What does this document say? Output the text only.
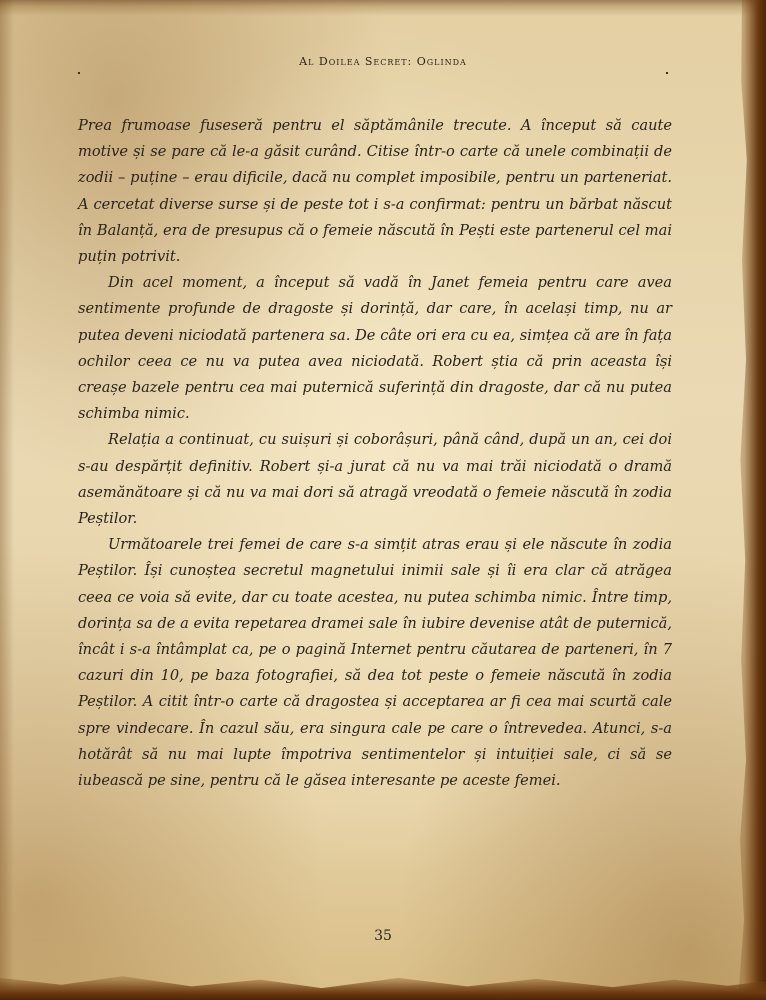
Al Doilea Secret: Oglinda

Prea frumoase fuseseră pentru el săptămânile trecute. A început să caute motive și se pare că le-a găsit curând. Citise într-o carte că unele combinații de zodii – puține – erau dificile, dacă nu complet imposibile, pentru un parteneriat. A cercetat diverse surse și de peste tot i s-a confirmat: pentru un bărbat născut în Balanță, era de presupus că o femeie născută în Pești este partenerul cel mai puțin potrivit.

Din acel moment, a început să vadă în Janet femeia pentru care avea sentimente profunde de dragoste și dorință, dar care, în același timp, nu ar putea deveni niciodată partenera sa. De câte ori era cu ea, simțea că are în fața ochilor ceea ce nu va putea avea niciodată. Robert știa că prin aceasta își creașe bazele pentru cea mai puternică suferință din dragoste, dar că nu putea schimba nimic.

Relația a continuat, cu suișuri și coborâșuri, până când, după un an, cei doi s-au despărțit definitiv. Robert și-a jurat că nu va mai trăi niciodată o dramă asemănătoare și că nu va mai dori să atragă vreodată o femeie născută în zodia Peștilor.

Următoarele trei femei de care s-a simțit atras erau și ele născute în zodia Peștilor. Își cunoștea secretul magnetului inimii sale și îi era clar că atrăgea ceea ce voia să evite, dar cu toate acestea, nu putea schimba nimic. Între timp, dorința sa de a evita repetarea dramei sale în iubire devenise atât de puternică, încât i s-a întâmplat ca, pe o pagină Internet pentru căutarea de parteneri, în 7 cazuri din 10, pe baza fotografiei, să dea tot peste o femeie născută în zodia Peștilor. A citit într-o carte că dragostea și acceptarea ar fi cea mai scurtă cale spre vindecare. În cazul său, era singura cale pe care o întrevedea. Atunci, s-a hotărât să nu mai lupte împotriva sentimentelor și intuiției sale, ci să se iubească pe sine, pentru că le găsea interesante pe aceste femei.

35
